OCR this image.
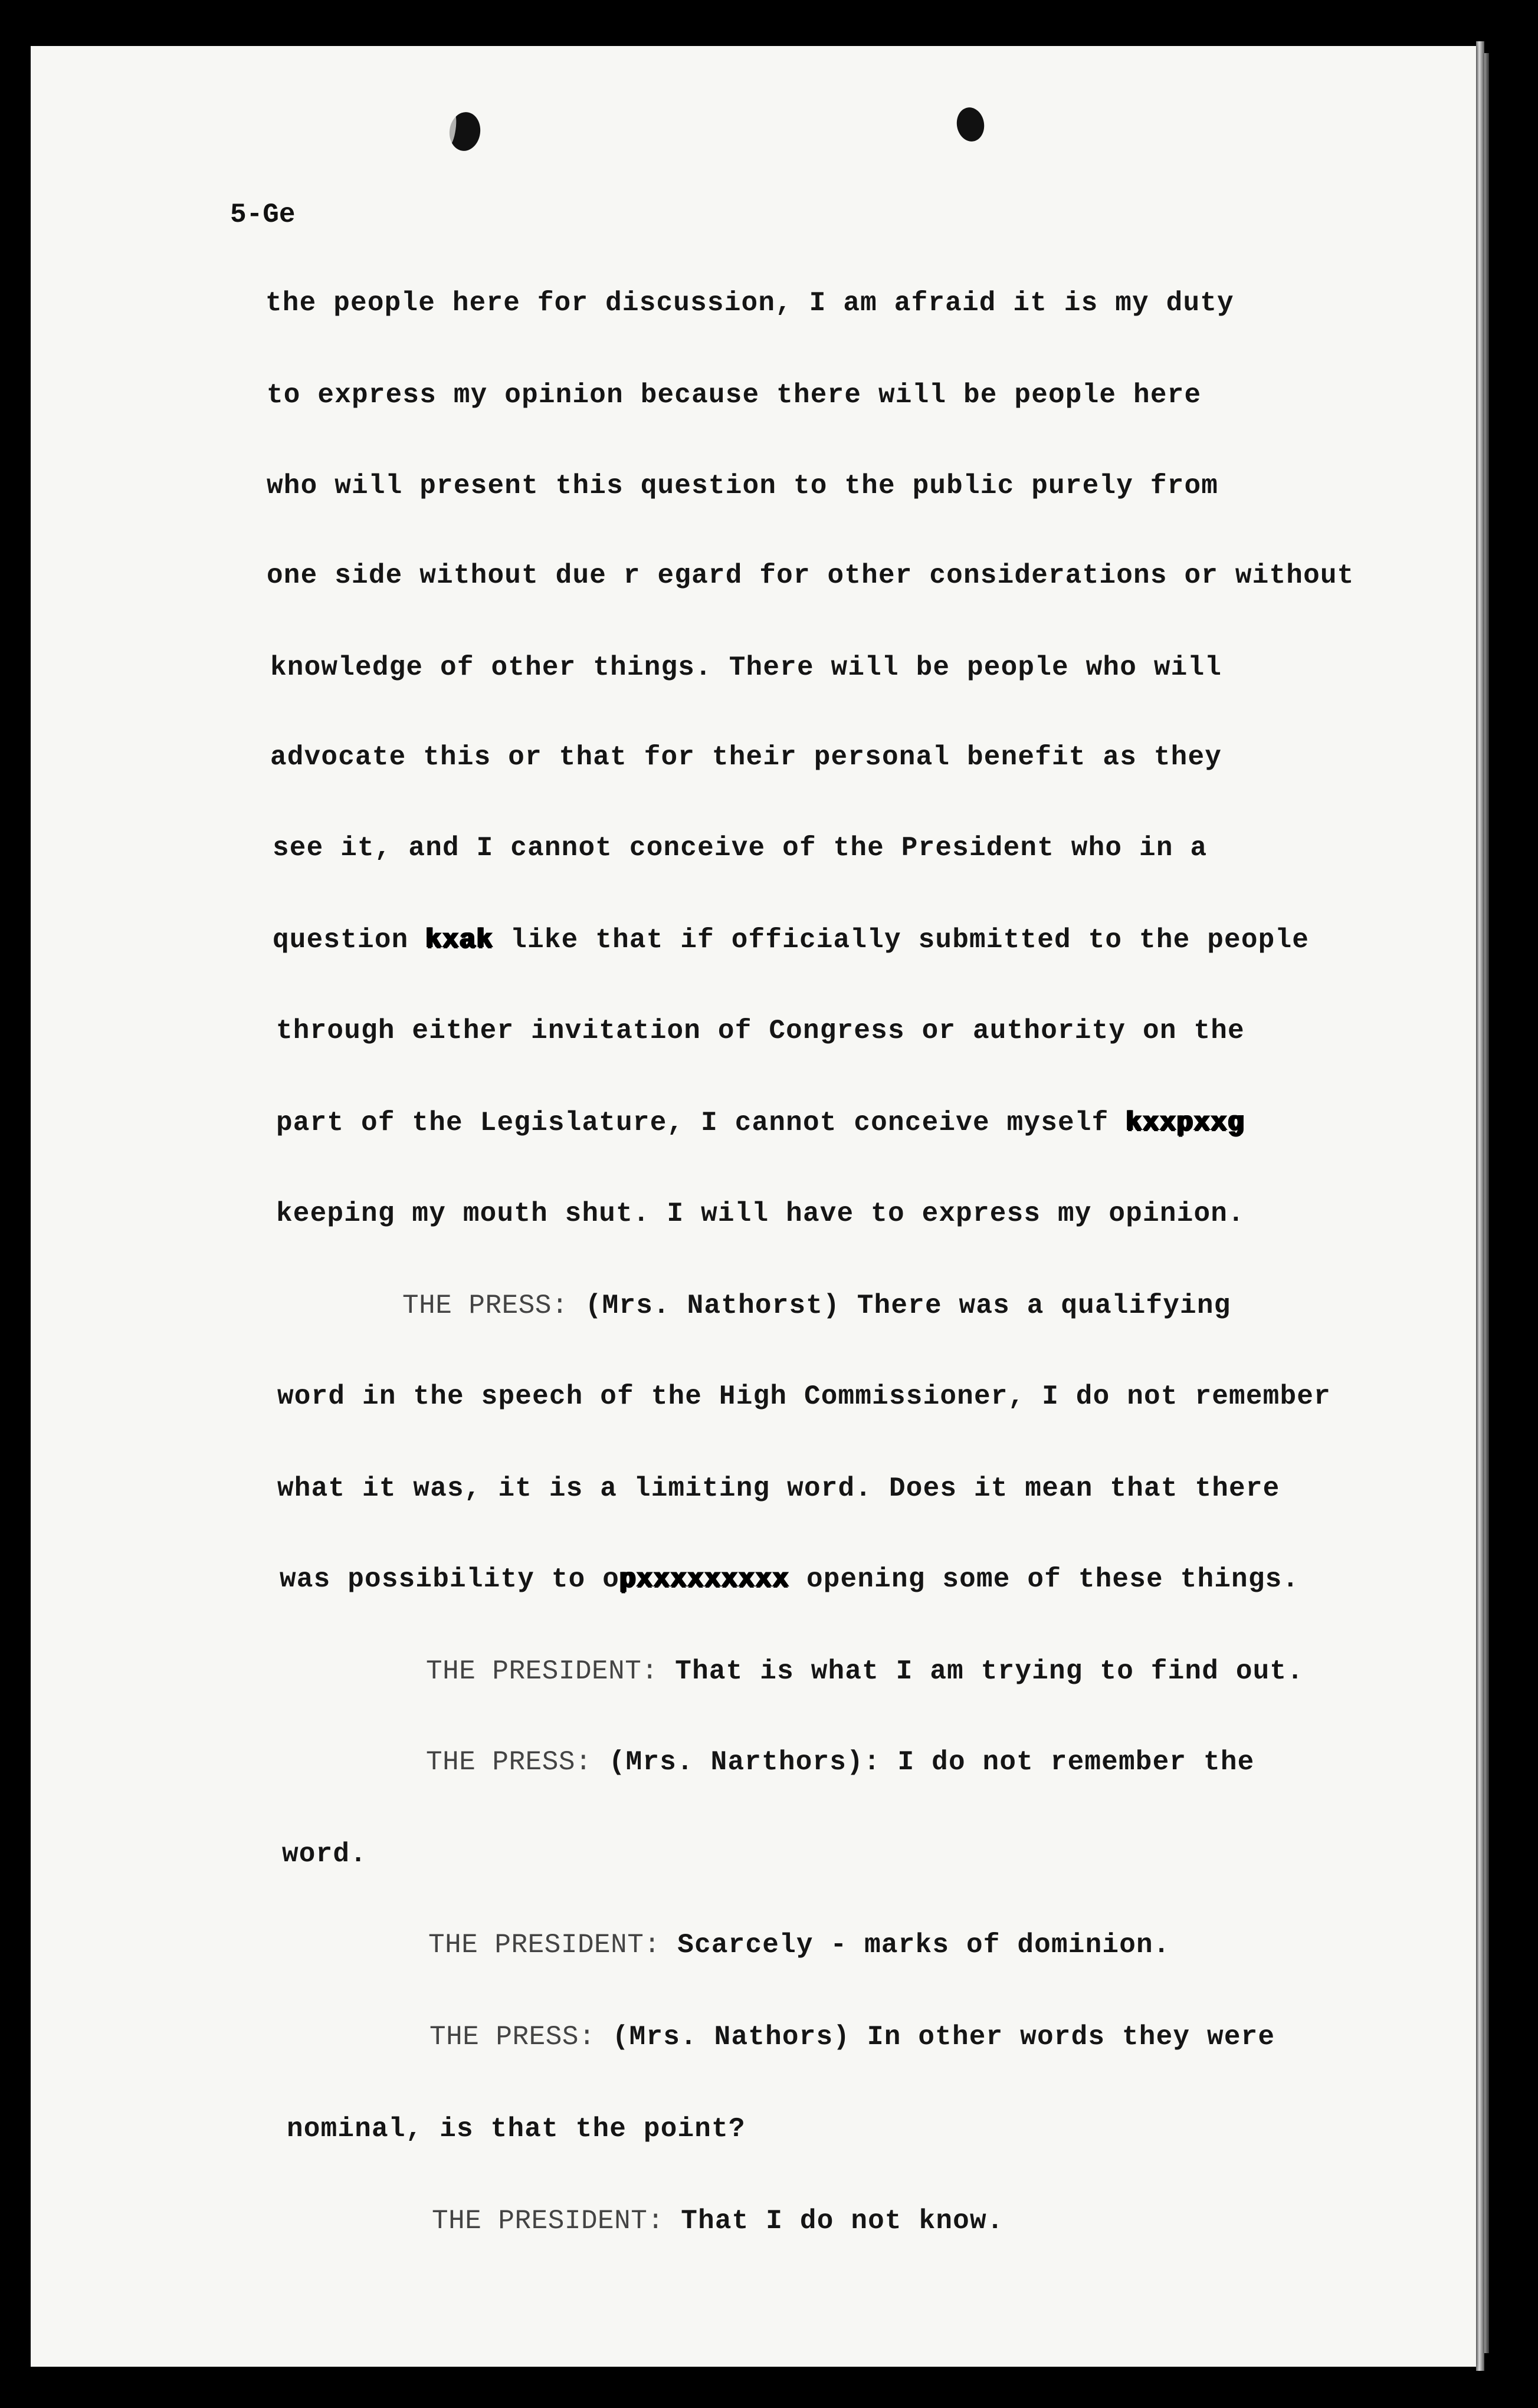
5-Ge
the people here for discussion, I am afraid it is my duty
to express my opinion because there will be people here
who will present this question to the public purely from
one side without due r egard for other considerations or without
knowledge of other things. There will be people who will
advocate this or that for their personal benefit as they
see it, and I cannot conceive of the President who in a
question kxak like that if officially submitted to the people
through either invitation of Congress or authority on the
part of the Legislature, I cannot conceive myself kxxpxxg
keeping my mouth shut. I will have to express my opinion.
THE PRESS: (Mrs. Nathorst) There was a qualifying
word in the speech of the High Commissioner, I do not remember
what it was, it is a limiting word. Does it mean that there
was possibility to opxxxxxxxxx opening some of these things.
THE PRESIDENT: That is what I am trying to find out.
THE PRESS: (Mrs. Narthors): I do not remember the
word.
THE PRESIDENT: Scarcely - marks of dominion.
THE PRESS: (Mrs. Nathors) In other words they were
nominal, is that the point?
THE PRESIDENT: That I do not know.
